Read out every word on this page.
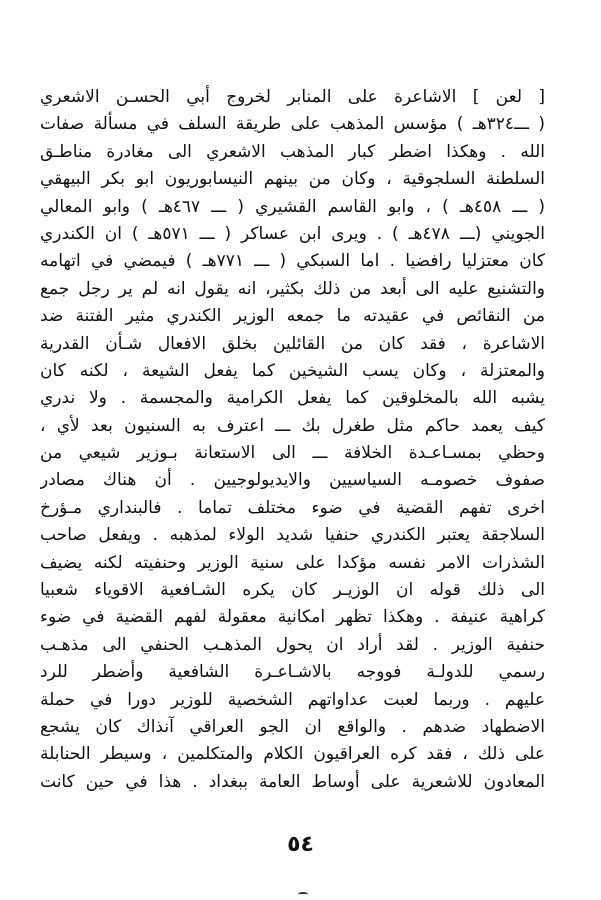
[ لعن ] الاشاعرة على المنابر لخروج أبي الحسـن الاشعري
( ـــ٣٢٤هـ ) مؤسس المذهب على طريقة السلف في مسألة صفات
الله . وهكذا اضطر كبار المذهب الاشعري الى مغادرة مناطـق
السلطنة السلجوقية ، وكان من بينهم النيسابوريون ابو بكر البيهقي
( ـــ ٤٥٨هـ ) ، وابو القاسم القشيري ( ـــ ٤٦٧هـ ) وابو المعالي
الجويني (ـــ ٤٧٨هـ ) . ويرى ابن عساكر ( ـــ ٥٧١هـ ) ان الكندري
كان معتزليا رافضيا . اما السبكي ( ـــ ٧٧١هـ ) فيمضي في اتهامه
والتشنيع عليه الى أبعد من ذلك بكثير، انه يقول انه لم ير رجل جمع
من النقائص في عقيدته ما جمعه الوزير الكندري مثير الفتنة ضد
الاشاعرة ، فقد كان من القائلين بخلق الافعال شـأن القدرية
والمعتزلة ، وكان يسب الشيخين كما يفعل الشيعة ، لكنه كان
يشبه الله بالمخلوقين كما يفعل الكرامية والمجسمة . ولا ندري
كيف يعمد حاكم مثل طغرل بك ـــ اعترف به السنيون بعد لأي ،
وحظي بمسـاعـدة الخلافة ـــ الى الاستعانة بـوزير شيعي من
صفوف خصومـه السياسيين والايديولوجيين . أن هناك مصادر
اخرى تفهم القضية في ضوء مختلف تماما . فالبنداري مـؤرخ
السلاجقة يعتبر الكندري حنفيا شديد الولاء لمذهبه . ويفعل صاحب
الشذرات الامر نفسه مؤكدا على سنية الوزير وحنفيته لكنه يضيف
الى ذلك قوله ان الوزيـر كان يكره الشـافعية الاقوياء شعبيا
كراهية عنيفة . وهكذا تظهر امكانية معقولة لفهم القضية في ضوء
حنفية الوزير . لقد أراد ان يحول المذهـب الحنفي الى مذهـب
رسمي للدولـة فووجه بالاشـاعـرة الشافعية وأضطر للرد
عليهم . وربما لعبت عداواتهم الشخصية للوزير دورا في حملة
الاضطهاد ضدهم . والواقع ان الجو العراقي آنذاك كان يشجع
على ذلك ، فقد كره العراقيون الكلام والمتكلمين ، وسيطر الحنابلة
المعادون للاشعرية على أوساط العامة ببغداد . هذا في حين كانت
٥٤
